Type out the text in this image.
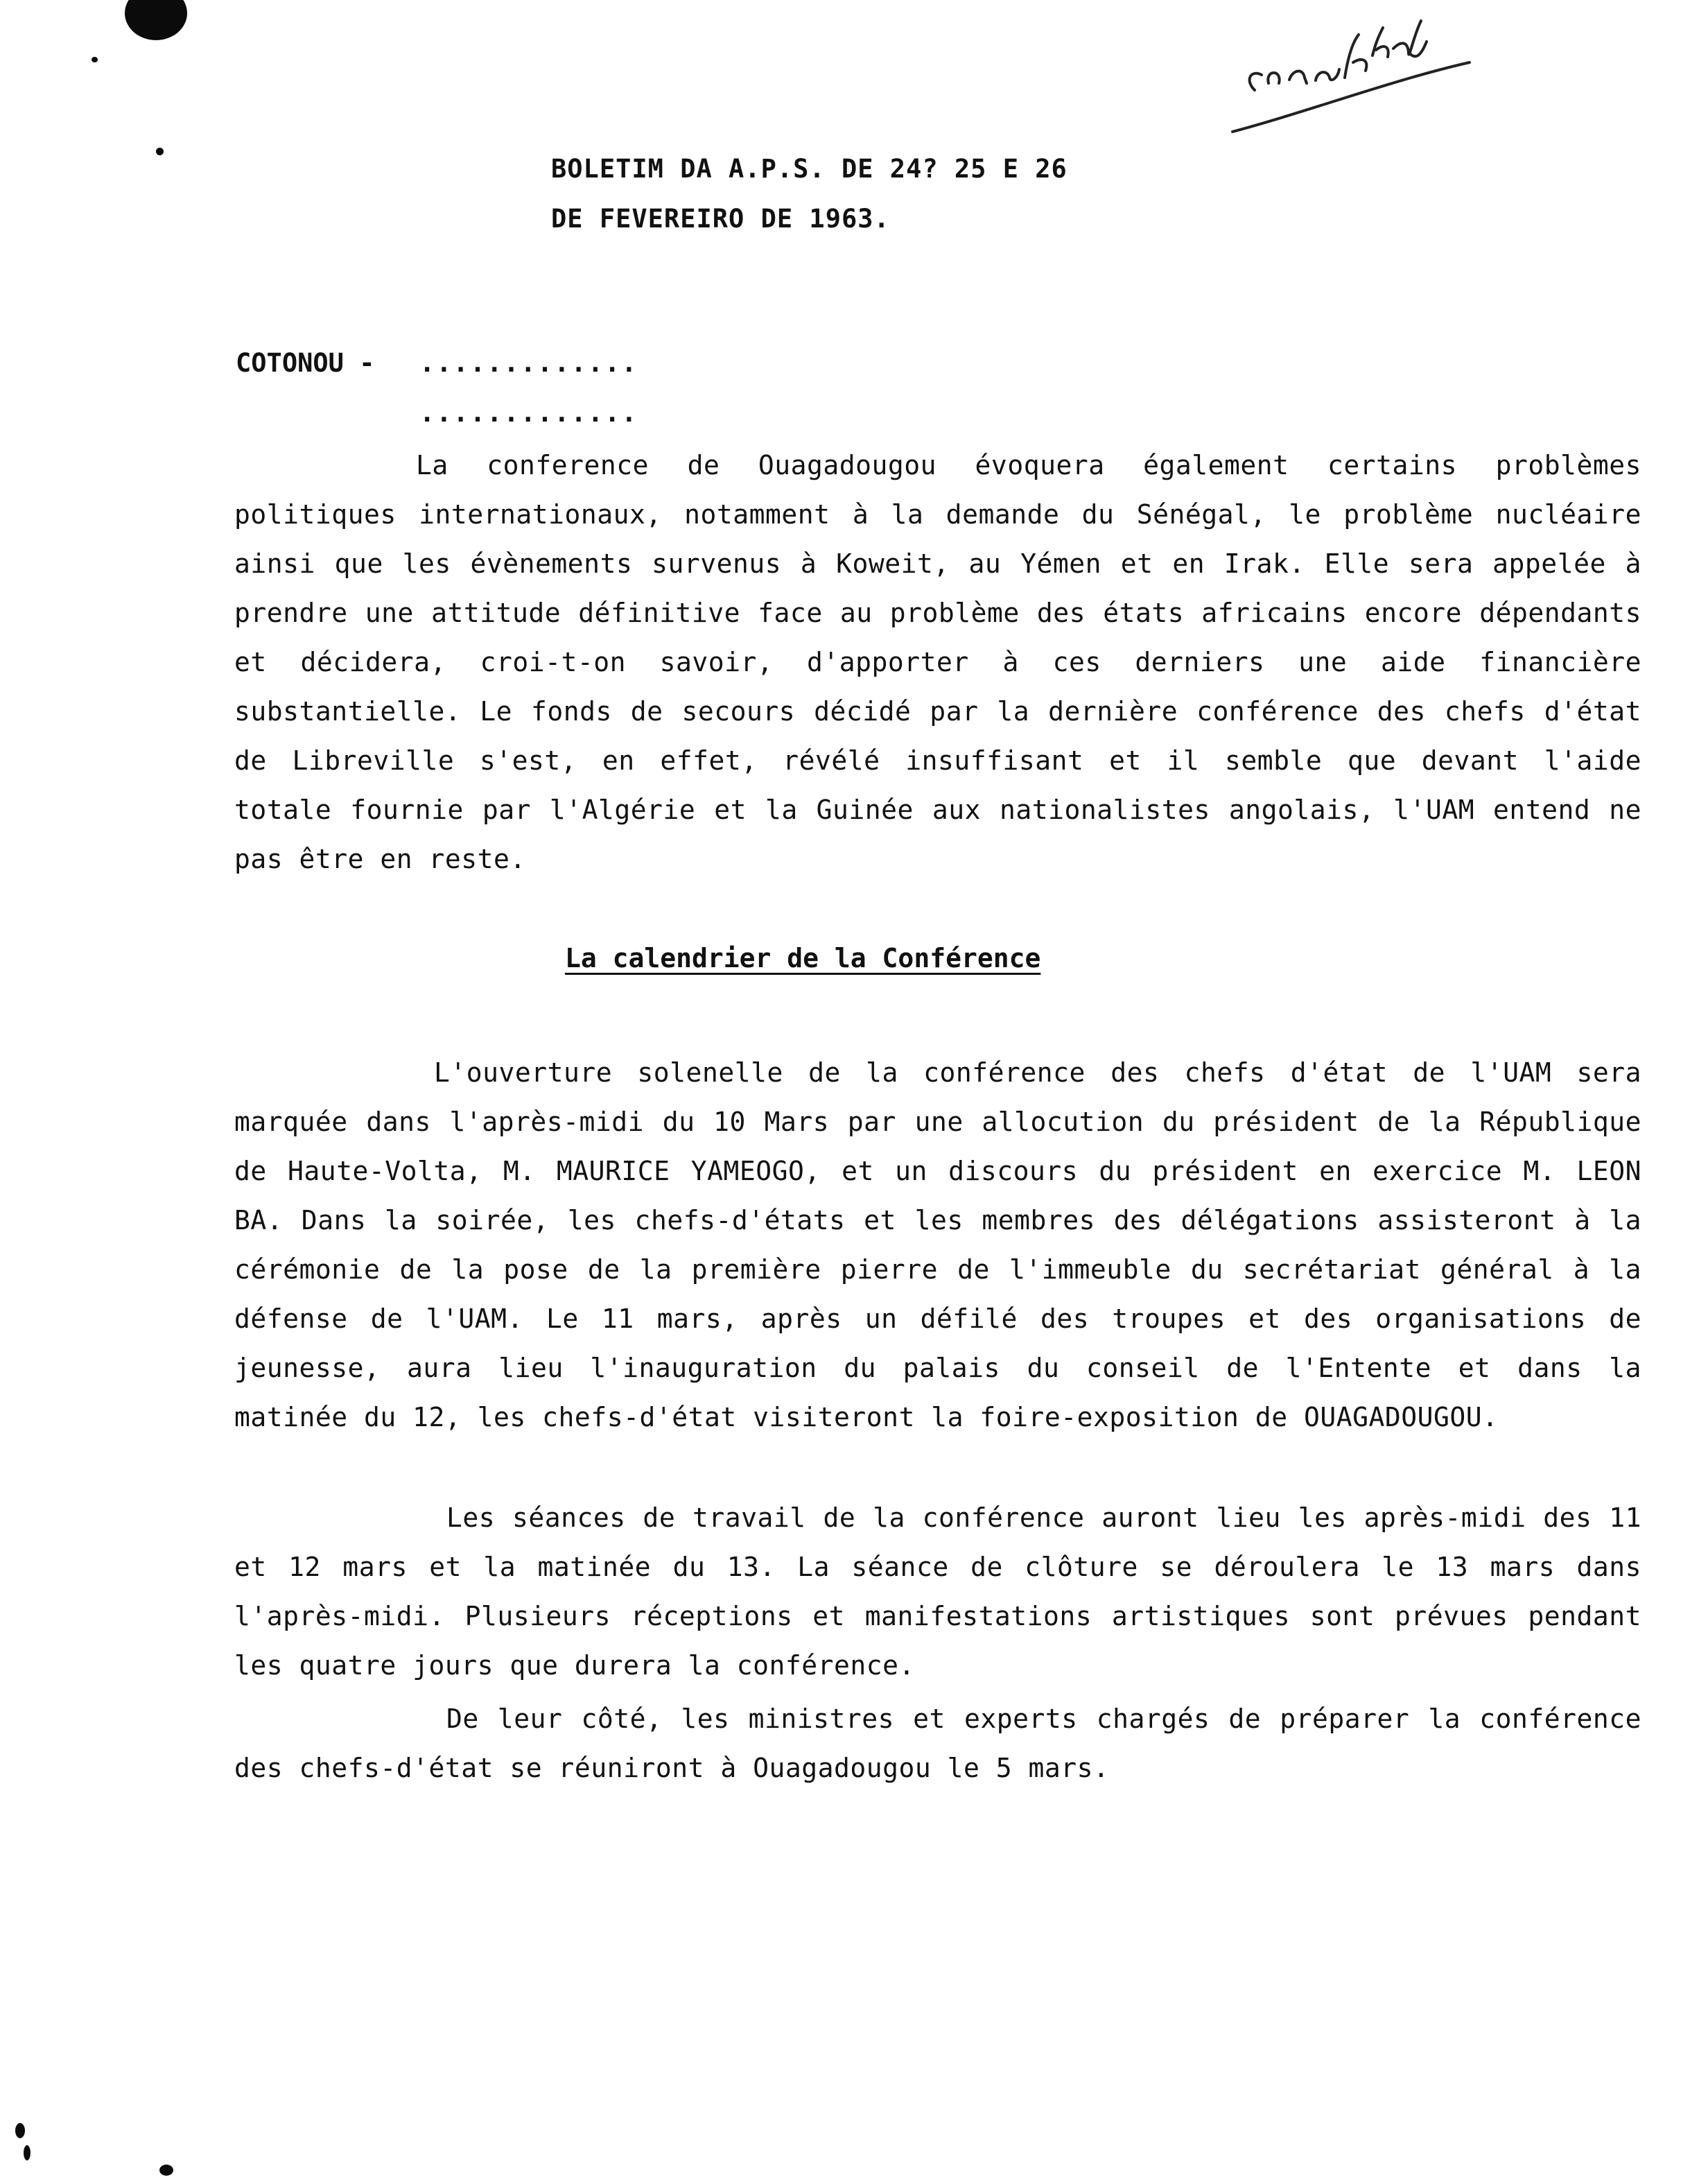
BOLETIM DA A.P.S. DE 24? 25 E 26
DE FEVEREIRO DE 1963.
COTONOU - .............
.............
La conference de Ouagadougou évoquera également certains problèmes politiques internationaux, notamment à la demande du Sénégal, le problème nucléaire ainsi que les évènements survenus à Koweit, au Yémen et en Irak. Elle sera appelée à prendre une attitude définitive face au problème des états africains encore dépendants et décidera, croi-t-on savoir, d'apporter à ces derniers une aide financière substantielle. Le fonds de secours décidé par la dernière conférence des chefs d'état de Libreville s'est, en effet, révélé insuffisant et il semble que devant l'aide totale fournie par l'Algérie et la Guinée aux nationalistes angolais, l'UAM entend ne pas être en reste.
La calendrier de la Conférence
L'ouverture solenelle de la conférence des chefs d'état de l'UAM sera marquée dans l'après-midi du 10 Mars par une allocution du président de la République de Haute-Volta, M. MAURICE YAMEOGO, et un discours du président en exercice M. LEON BA. Dans la soirée, les chefs-d'états et les membres des délégations assisteront à la cérémonie de la pose de la première pierre de l'immeuble du secrétariat général à la défense de l'UAM. Le 11 mars, après un défilé des troupes et des organisations de jeunesse, aura lieu l'inauguration du palais du conseil de l'Entente et dans la matinée du 12, les chefs-d'état visiteront la foire-exposition de OUAGADOUGOU.
Les séances de travail de la conférence auront lieu les après-midi des 11 et 12 mars et la matinée du 13. La séance de clôture se déroulera le 13 mars dans l'après-midi. Plusieurs réceptions et manifestations artistiques sont prévues pendant les quatre jours que durera la conférence.
De leur côté, les ministres et experts chargés de préparer la conférence des chefs-d'état se réuniront à Ouagadougou le 5 mars.
